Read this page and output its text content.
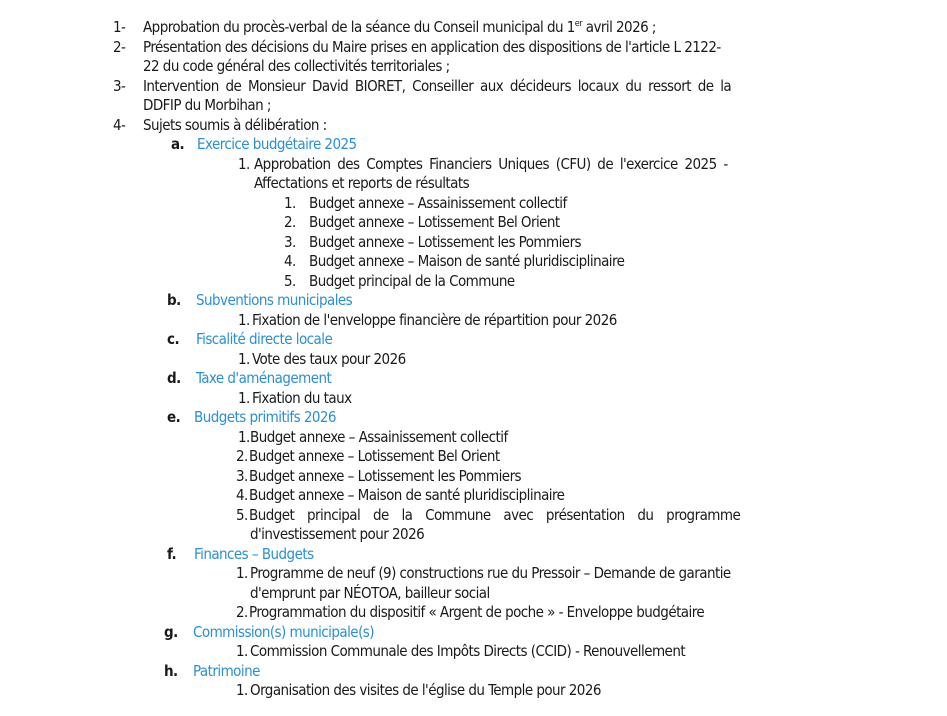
1- Approbation du procès-verbal de la séance du Conseil municipal du 1er avril 2026 ;
2- Présentation des décisions du Maire prises en application des dispositions de l'article L 2122-
22 du code général des collectivités territoriales ;
3- Intervention de Monsieur David BIORET, Conseiller aux décideurs locaux du ressort de la
DDFIP du Morbihan ;
4- Sujets soumis à délibération :
a. Exercice budgétaire 2025
1. Approbation des Comptes Financiers Uniques (CFU) de l'exercice 2025 -
Affectations et reports de résultats
1. Budget annexe – Assainissement collectif
2. Budget annexe – Lotissement Bel Orient
3. Budget annexe – Lotissement les Pommiers
4. Budget annexe – Maison de santé pluridisciplinaire
5. Budget principal de la Commune
b. Subventions municipales
1. Fixation de l'enveloppe financière de répartition pour 2026
c. Fiscalité directe locale
1. Vote des taux pour 2026
d. Taxe d'aménagement
1. Fixation du taux
e. Budgets primitifs 2026
1. Budget annexe – Assainissement collectif
2. Budget annexe – Lotissement Bel Orient
3. Budget annexe – Lotissement les Pommiers
4. Budget annexe – Maison de santé pluridisciplinaire
5. Budget principal de la Commune avec présentation du programme
d'investissement pour 2026
f. Finances – Budgets
1. Programme de neuf (9) constructions rue du Pressoir – Demande de garantie
d'emprunt par NÉOTOA, bailleur social
2. Programmation du dispositif « Argent de poche » - Enveloppe budgétaire
g. Commission(s) municipale(s)
1. Commission Communale des Impôts Directs (CCID) - Renouvellement
h. Patrimoine
1. Organisation des visites de l'église du Temple pour 2026
